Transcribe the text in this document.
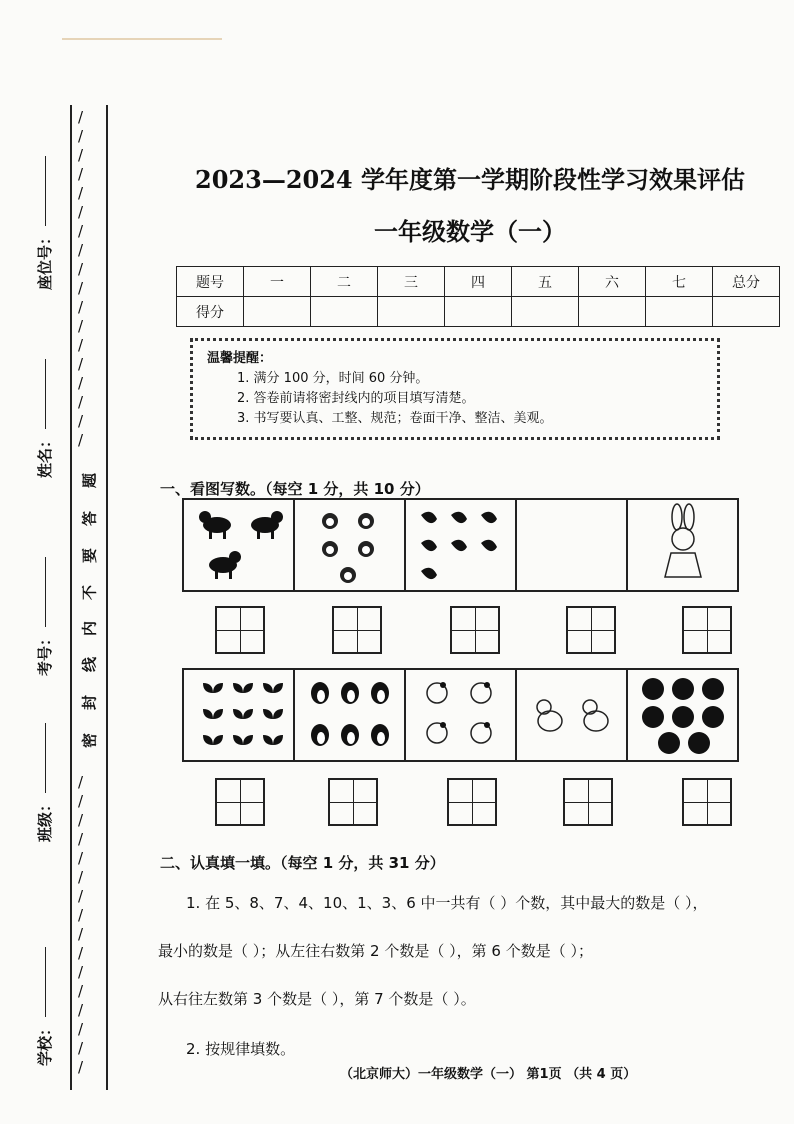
/
/
/
/
/
/
/
/
/
/
/
/
/
/
/
/
/
/
/
/
/
/
/
/
/
/
/
/
/
/
/
/
/
/
密
封
线
内
不
要
答
题
座位号：
姓名：
考号：
班级：
学校：
2023—2024 学年度第一学期阶段性学习效果评估
一年级数学（一）
题号	一	二	三	四	五	六	七	总分
得分								
温馨提醒：
1. 满分 100 分，时间 60 分钟。
2. 答卷前请将密封线内的项目填写清楚。
3. 书写要认真、工整、规范；卷面干净、整洁、美观。
一、看图写数。（每空 1 分，共 10 分）
二、认真填一填。（每空 1 分，共 31 分）
1. 在 5、8、7、4、10、1、3、6 中一共有（ ）个数，其中最大的数是（ ），
最小的数是（ ）；从左往右数第 2 个数是（ ），第 6 个数是（ ）；
从右往左数第 3 个数是（ ），第 7 个数是（ ）。
2. 按规律填数。
（北京师大）一年级数学（一） 第1页 （共 4 页）
